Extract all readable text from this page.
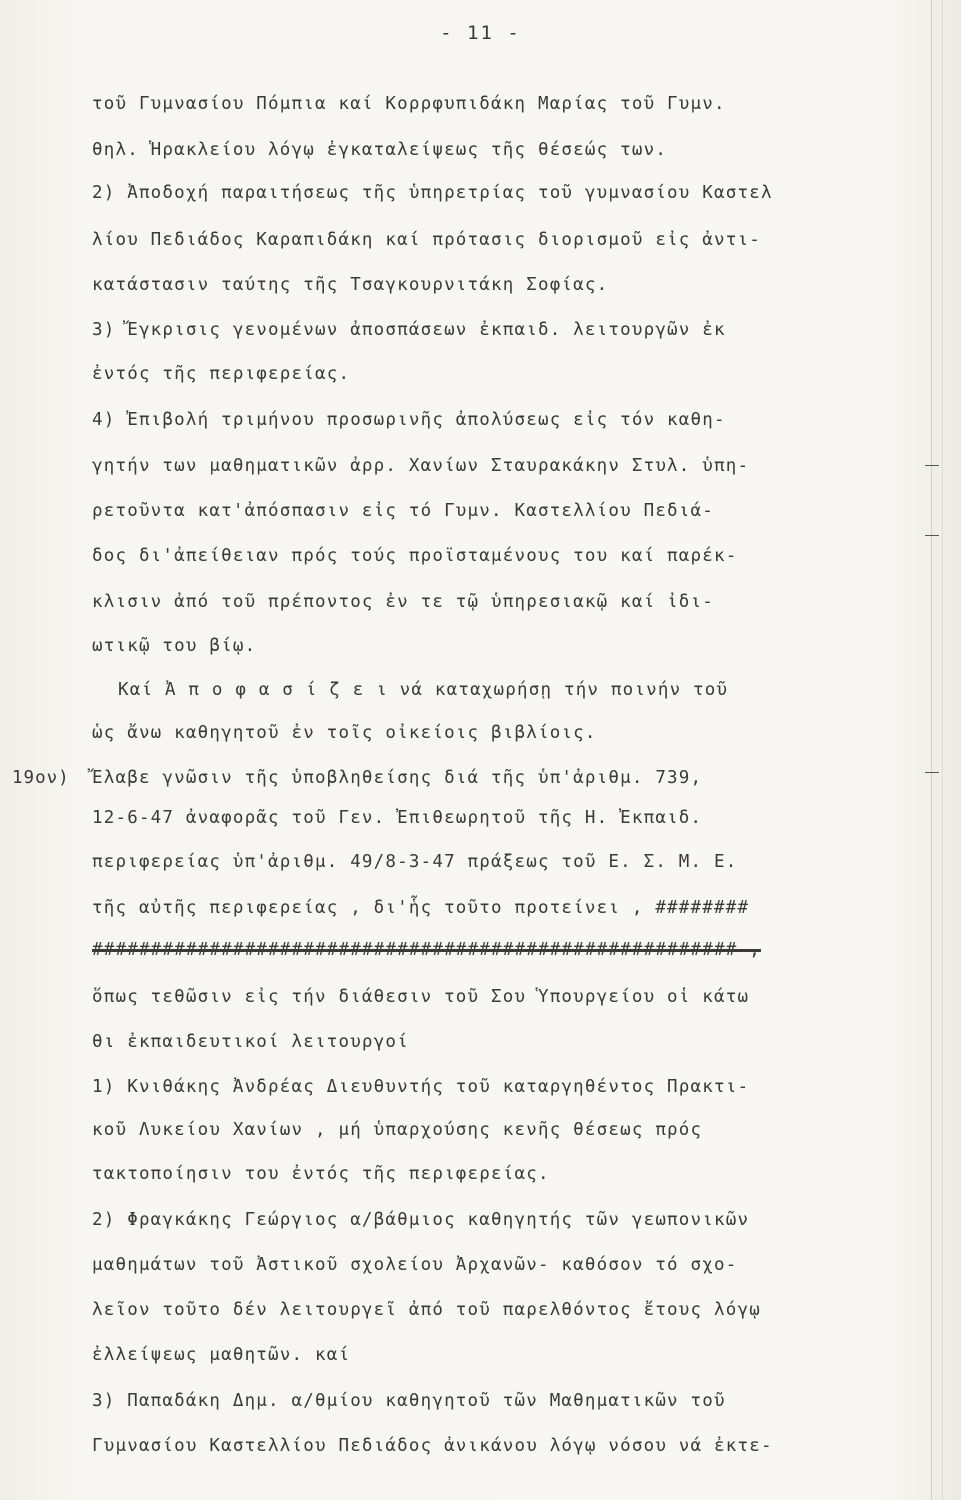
- 11 -
19ον)
τοῦ Γυμνασίου Πόμπια καί Κορρφυπιδάκη Μαρίας τοῦ Γυμν.
θηλ. Ἡρακλείου λόγῳ ἐγκαταλείψεως τῆς θέσεώς των.
2) Ἀποδοχή παραιτήσεως τῆς ὑπηρετρίας τοῦ γυμνασίου Καστελ
λίου Πεδιάδος Καραπιδάκη καί πρότασις διορισμοῦ εἰς ἀντι-
κατάστασιν ταύτης τῆς Τσαγκουρνιτάκη Σοφίας.
3) Ἔγκρισις γενομένων ἀποσπάσεων ἐκπαιδ. λειτουργῶν ἐκ
ἐντός τῆς περιφερείας.
4) Ἐπιβολή τριμήνου προσωρινῆς ἀπολύσεως εἰς τόν καθη-
γητήν των μαθηματικῶν ἀρρ. Χανίων Σταυρακάκην Στυλ. ὑπη-
ρετοῦντα κατ'ἀπόσπασιν εἰς τό Γυμν. Καστελλίου Πεδιά-
δος δι'ἀπείθειαν πρός τούς προϊσταμένους του καί παρέκ-
κλισιν ἀπό τοῦ πρέποντος ἐν τε τῷ ὑπηρεσιακῷ καί ἰδι-
ωτικῷ του βίῳ.
Καί Ἀ π ο φ α σ ί ζ ε ι νά καταχωρήσῃ τήν ποινήν τοῦ
ὡς ἄνω καθηγητοῦ ἐν τοῖς οἰκείοις βιβλίοις.
Ἔλαβε γνῶσιν τῆς ὑποβληθείσης διά τῆς ὑπ'ἀριθμ. 739,
12-6-47 ἀναφορᾶς τοῦ Γεν. Ἐπιθεωρητοῦ τῆς Η. Ἐκπαιδ.
περιφερείας ὑπ'ἀριθμ. 49/8-3-47 πράξεως τοῦ Ε. Σ. Μ. Ε.
τῆς αὐτῆς περιφερείας , δι'ἧς τοῦτο προτείνει , ########
####################################################### ,
ὅπως τεθῶσιν εἰς τήν διάθεσιν τοῦ Σου Ὑπουργείου οἱ κάτω
θι ἐκπαιδευτικοί λειτουργοί
1) Κνιθάκης Ἀνδρέας Διευθυντής τοῦ καταργηθέντος Πρακτι-
κοῦ Λυκείου Χανίων , μή ὑπαρχούσης κενῆς θέσεως πρός
τακτοποίησιν του ἐντός τῆς περιφερείας.
2) Φραγκάκης Γεώργιος α/βάθμιος καθηγητής τῶν γεωπονικῶν
μαθημάτων τοῦ Ἀστικοῦ σχολείου Ἀρχανῶν- καθόσον τό σχο-
λεῖον τοῦτο δέν λειτουργεῖ ἀπό τοῦ παρελθόντος ἔτους λόγῳ
ἐλλείψεως μαθητῶν. καί
3) Παπαδάκη Δημ. α/θμίου καθηγητοῦ τῶν Μαθηματικῶν τοῦ
Γυμνασίου Καστελλίου Πεδιάδος ἀνικάνου λόγῳ νόσου νά ἐκτε-
